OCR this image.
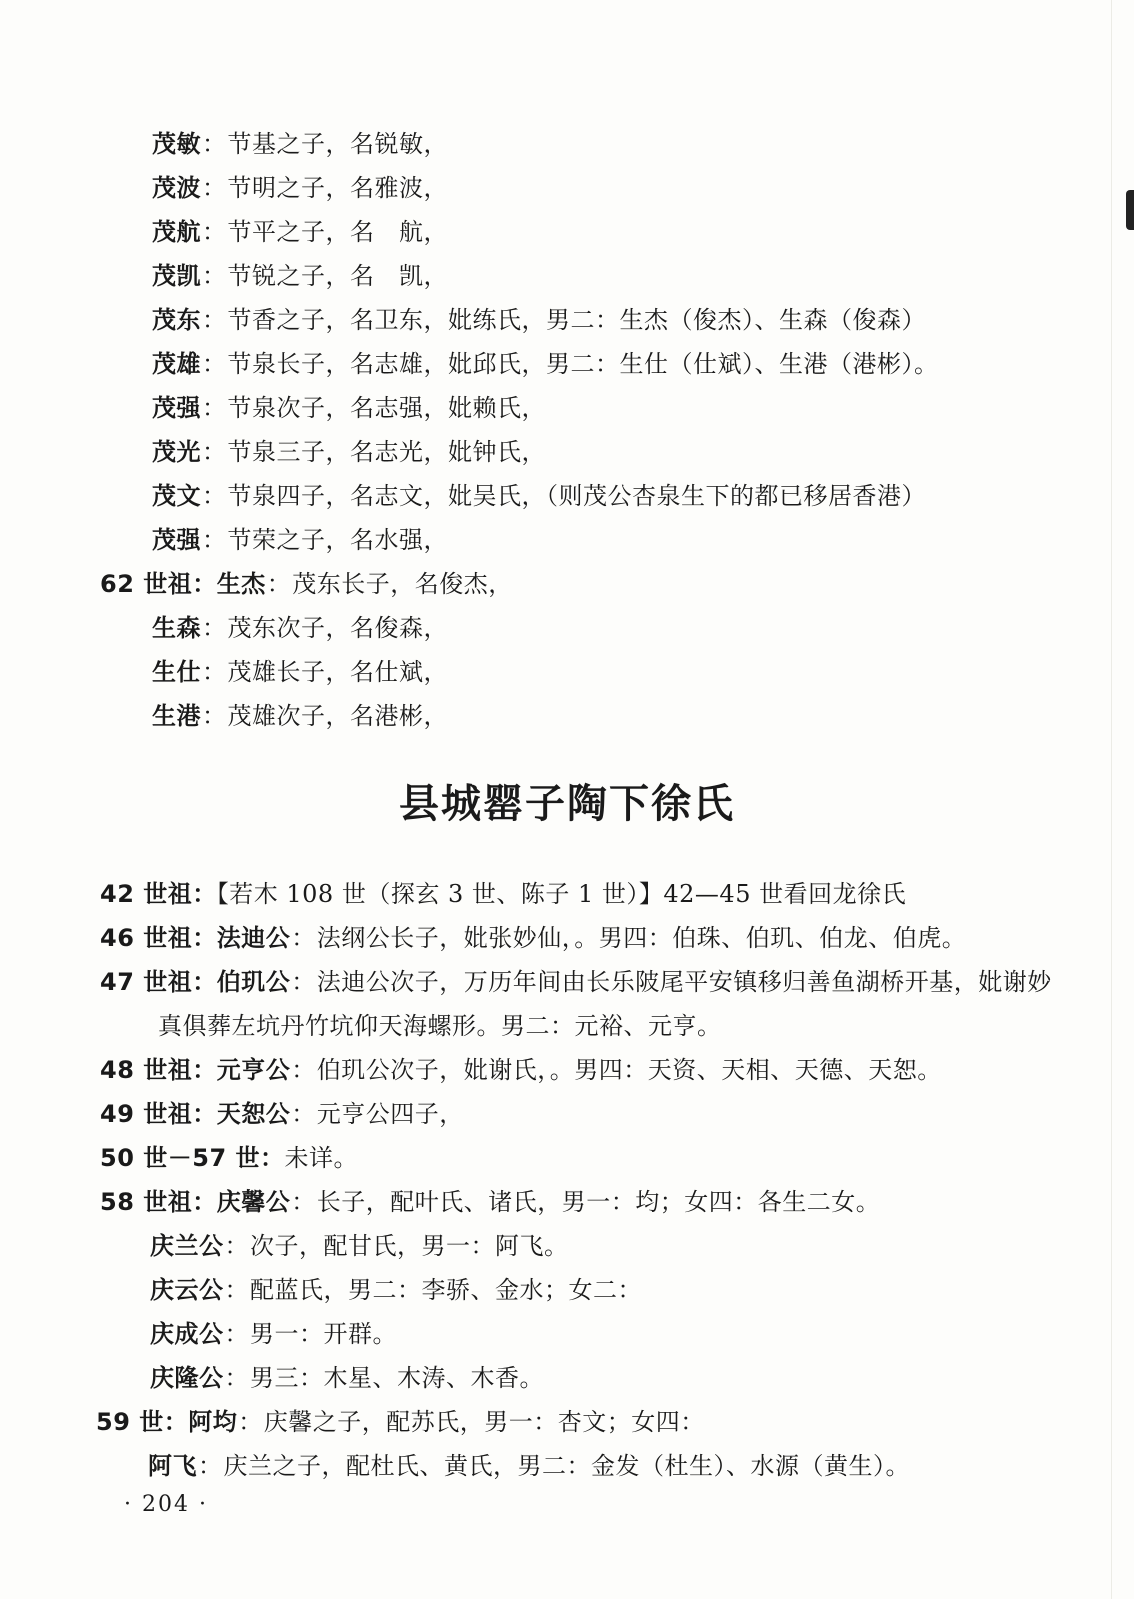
茂敏：节基之子，名锐敏，
茂波：节明之子，名雅波，
茂航：节平之子，名　航，
茂凯：节锐之子，名　凯，
茂东：节香之子，名卫东，妣练氏，男二：生杰（俊杰）、生森（俊森）
茂雄：节泉长子，名志雄，妣邱氏，男二：生仕（仕斌）、生港（港彬）。
茂强：节泉次子，名志强，妣赖氏，
茂光：节泉三子，名志光，妣钟氏，
茂文：节泉四子，名志文，妣吴氏，（则茂公杏泉生下的都已移居香港）
茂强：节荣之子，名水强，
62 世祖：生杰：茂东长子，名俊杰，
生森：茂东次子，名俊森，
生仕：茂雄长子，名仕斌，
生港：茂雄次子，名港彬，
县城罂子陶下徐氏
42 世祖：【若木 108 世（探玄 3 世、陈子 1 世）】42—45 世看回龙徐氏
46 世祖：法迪公：法纲公长子，妣张妙仙，。男四：伯珠、伯玑、伯龙、伯虎。
47 世祖：伯玑公：法迪公次子，万历年间由长乐陂尾平安镇移归善鱼湖桥开基，妣谢妙
真俱葬左坑丹竹坑仰天海螺形。男二：元裕、元亨。
48 世祖：元亨公：伯玑公次子，妣谢氏，。男四：天资、天相、天德、天恕。
49 世祖：天恕公：元亨公四子，
50 世－57 世：未详。
58 世祖：庆馨公：长子，配叶氏、诸氏，男一：均；女四：各生二女。
庆兰公：次子，配甘氏，男一：阿飞。
庆云公：配蓝氏，男二：李骄、金水；女二：
庆成公：男一：开群。
庆隆公：男三：木星、木涛、木香。
59 世：阿均：庆馨之子，配苏氏，男一：杏文；女四：
阿飞：庆兰之子，配杜氏、黄氏，男二：金发（杜生）、水源（黄生）。
· 204 ·
